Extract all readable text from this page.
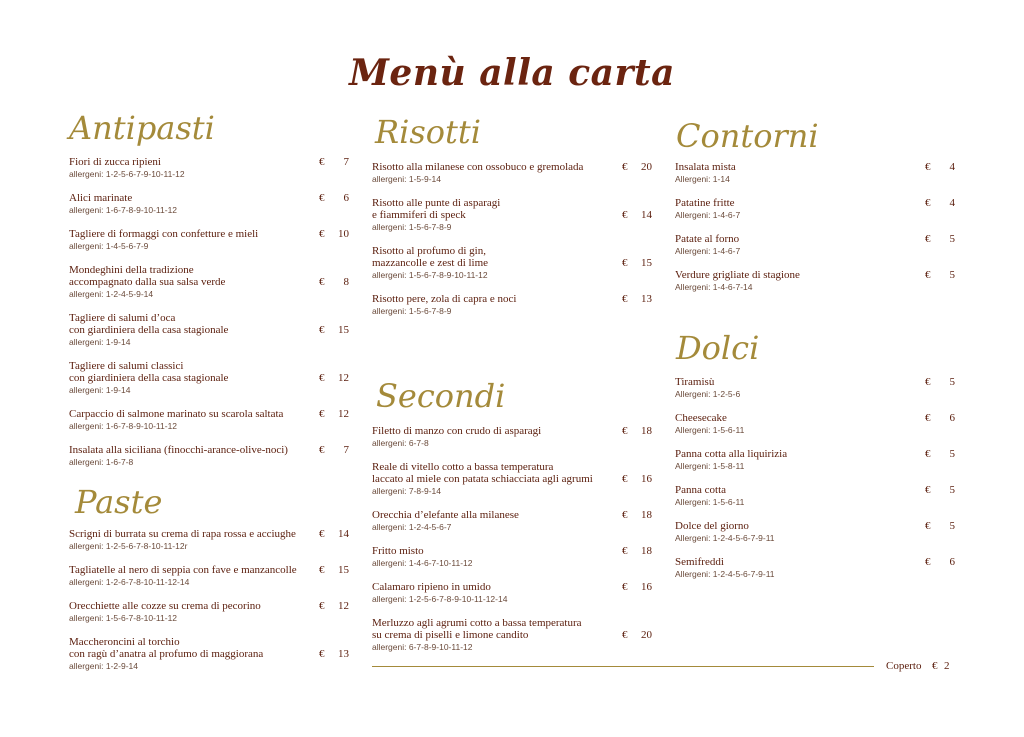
Menù alla carta
Antipasti
Fiori di zucca ripieni
allergeni: 1-2-5-6-7-9-10-11-12
€ 7
Alici marinate
allergeni: 1-6-7-8-9-10-11-12
€ 6
Tagliere di formaggi con confetture e mieli
allergeni: 1-4-5-6-7-9
€ 10
Mondeghini della tradizione
accompagnato dalla sua salsa verde
allergeni: 1-2-4-5-9-14
€ 8
Tagliere di salumi d’oca
con giardiniera della casa stagionale
allergeni: 1-9-14
€ 15
Tagliere di salumi classici
con giardiniera della casa stagionale
allergeni: 1-9-14
€ 12
Carpaccio di salmone marinato su scarola saltata
allergeni: 1-6-7-8-9-10-11-12
€ 12
Insalata alla siciliana (finocchi-arance-olive-noci)
allergeni: 1-6-7-8
€ 7
Paste
Scrigni di burrata su crema di rapa rossa e acciughe
allergeni: 1-2-5-6-7-8-10-11-12r
€ 14
Tagliatelle al nero di seppia con fave e manzancolle
allergeni: 1-2-6-7-8-10-11-12-14
€ 15
Orecchiette alle cozze su crema di pecorino
allergeni: 1-5-6-7-8-10-11-12
€ 12
Maccheroncini al torchio
con ragù d’anatra al profumo di maggiorana
allergeni: 1-2-9-14
€ 13
Risotti
Risotto alla milanese con ossobuco e gremolada
allergeni: 1-5-9-14
€ 20
Risotto alle punte di asparagi
e fiammiferi di speck
allergeni: 1-5-6-7-8-9
€ 14
Risotto al profumo di gin,
mazzancolle e zest di lime
allergeni: 1-5-6-7-8-9-10-11-12
€ 15
Risotto pere, zola di capra e noci
allergeni: 1-5-6-7-8-9
€ 13
Secondi
Filetto di manzo con crudo di asparagi
allergeni: 6-7-8
€ 18
Reale di vitello cotto a bassa temperatura
laccato al miele con patata schiacciata agli agrumi
allergeni: 7-8-9-14
€ 16
Orecchia d’elefante alla milanese
allergeni: 1-2-4-5-6-7
€ 18
Fritto misto
allergeni: 1-4-6-7-10-11-12
€ 18
Calamaro ripieno in umido
allergeni: 1-2-5-6-7-8-9-10-11-12-14
€ 16
Merluzzo agli agrumi cotto a bassa temperatura
su crema di piselli e limone candito
allergeni: 6-7-8-9-10-11-12
€ 20
Contorni
Insalata mista
Allergeni: 1-14
€ 4
Patatine fritte
Allergeni: 1-4-6-7
€ 4
Patate al forno
Allergeni: 1-4-6-7
€ 5
Verdure grigliate di stagione
Allergeni: 1-4-6-7-14
€ 5
Dolci
Tiramisù
Allergeni: 1-2-5-6
€ 5
Cheesecake
Allergeni: 1-5-6-11
€ 6
Panna cotta alla liquirizia
Allergeni: 1-5-8-11
€ 5
Panna cotta
Allergeni: 1-5-6-11
€ 5
Dolce del giorno
Allergeni: 1-2-4-5-6-7-9-11
€ 5
Semifreddi
Allergeni: 1-2-4-5-6-7-9-11
€ 6
Coperto € 2
